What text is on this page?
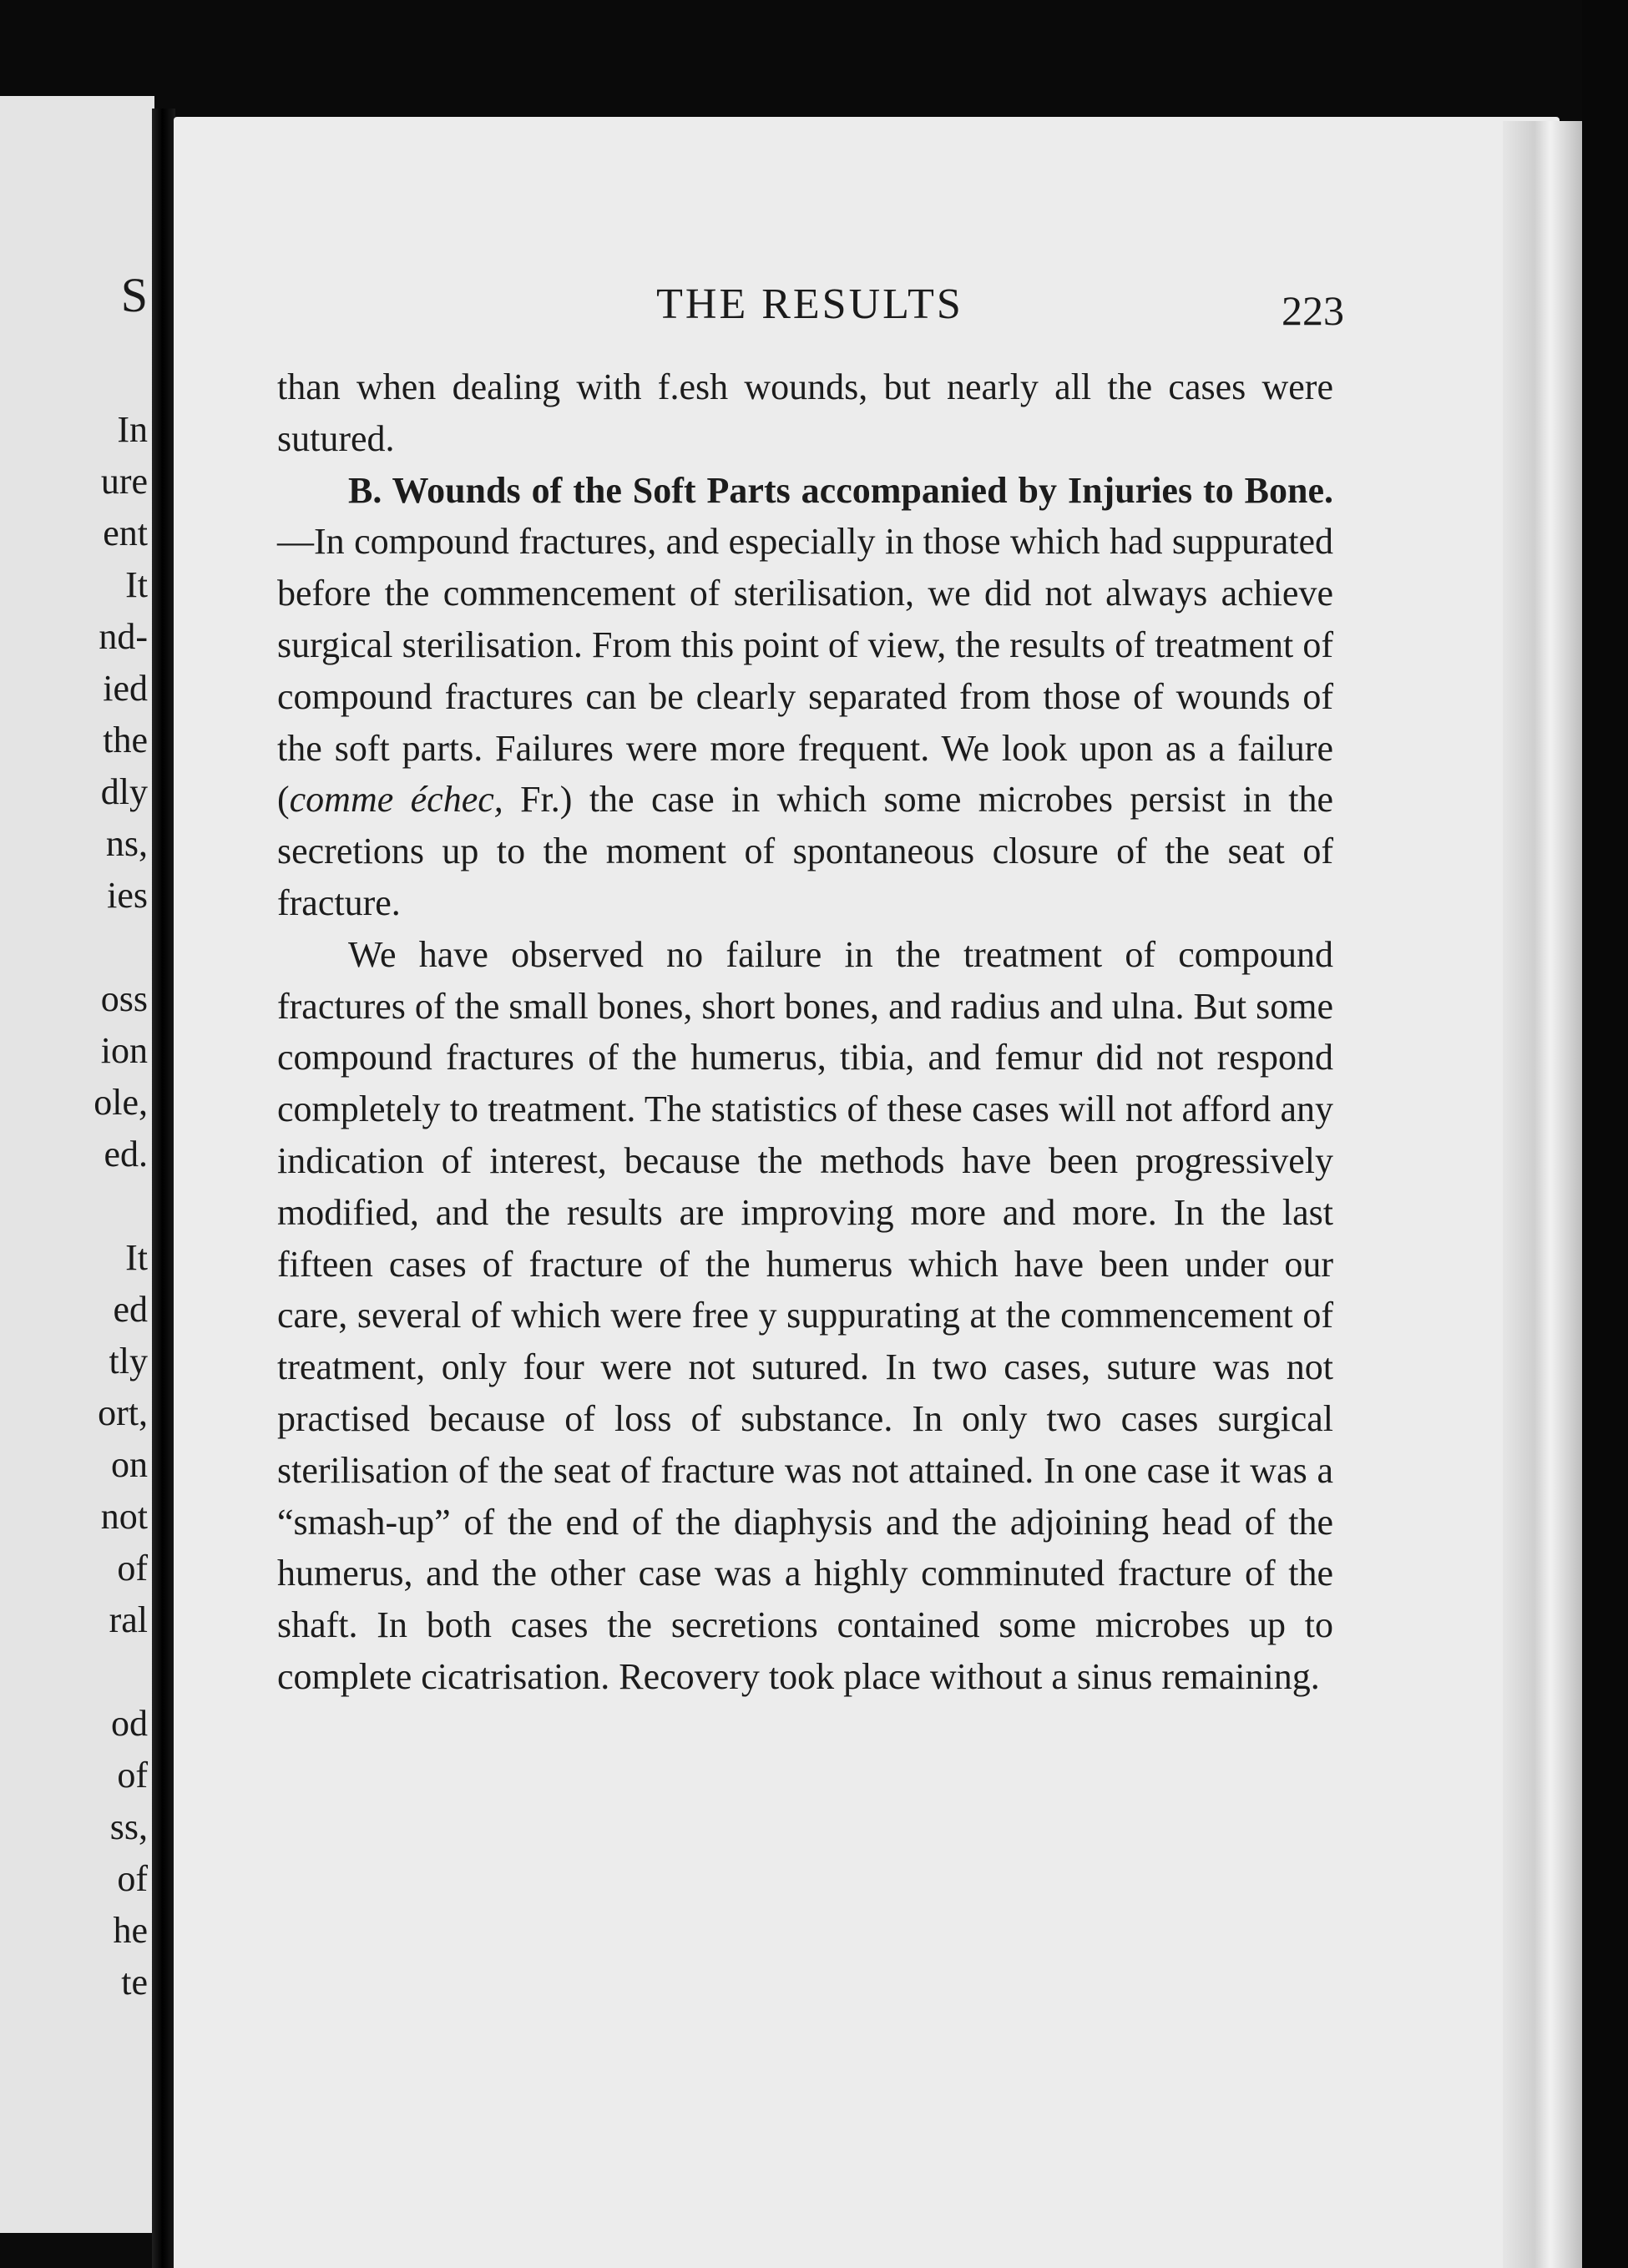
S
In
ure
ent
It
nd-
ied
the
dly
ns,
ies
oss
ion
ole,
ed.
It
ed
tly
ort,
on
not
of
ral
od
of
ss,
of
he
te
THE RESULTS	223

than when dealing with f.esh wounds, but nearly all the cases were sutured.

B. Wounds of the Soft Parts accompanied by Injuries to Bone.—In compound fractures, and especially in those which had suppurated before the commencement of sterilisation, we did not always achieve surgical sterilisation. From this point of view, the results of treatment of compound fractures can be clearly separated from those of wounds of the soft parts. Failures were more frequent. We look upon as a failure (comme échec, Fr.) the case in which some microbes persist in the secretions up to the moment of spontaneous closure of the seat of fracture.

We have observed no failure in the treatment of compound fractures of the small bones, short bones, and radius and ulna. But some compound fractures of the humerus, tibia, and femur did not respond completely to treatment. The statistics of these cases will not afford any indication of interest, because the methods have been progressively modified, and the results are improving more and more. In the last fifteen cases of fracture of the humerus which have been under our care, several of which were free y suppurating at the commencement of treatment, only four were not sutured. In two cases, suture was not practised because of loss of substance. In only two cases surgical sterilisation of the seat of fracture was not attained. In one case it was a “smash-up” of the end of the diaphysis and the adjoining head of the humerus, and the other case was a highly comminuted fracture of the shaft. In both cases the secretions contained some microbes up to complete cicatrisation. Recovery took place without a sinus remaining.
